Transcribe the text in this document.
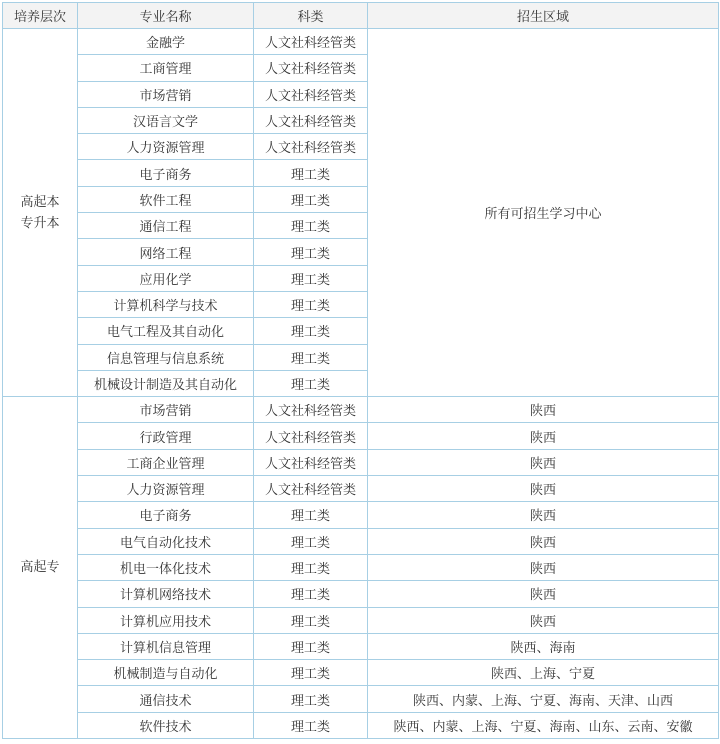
培养层次	专业名称	科类	招生区域

高起本
专升本	金融学	人文社科经管类	所有可招生学习中心
	工商管理	人文社科经管类	
	市场营销	人文社科经管类	
	汉语言文学	人文社科经管类	
	人力资源管理	人文社科经管类	
	电子商务	理工类	
	软件工程	理工类	
	通信工程	理工类	
	网络工程	理工类	
	应用化学	理工类	
	计算机科学与技术	理工类	
	电气工程及其自动化	理工类	
	信息管理与信息系统	理工类	
	机械设计制造及其自动化	理工类	

高起专	市场营销	人文社科经管类	陕西
	行政管理	人文社科经管类	陕西
	工商企业管理	人文社科经管类	陕西
	人力资源管理	人文社科经管类	陕西
	电子商务	理工类	陕西
	电气自动化技术	理工类	陕西
	机电一体化技术	理工类	陕西
	计算机网络技术	理工类	陕西
	计算机应用技术	理工类	陕西
	计算机信息管理	理工类	陕西、海南
	机械制造与自动化	理工类	陕西、上海、宁夏
	通信技术	理工类	陕西、内蒙、上海、宁夏、海南、天津、山西
	软件技术	理工类	陕西、内蒙、上海、宁夏、海南、山东、云南、安徽
